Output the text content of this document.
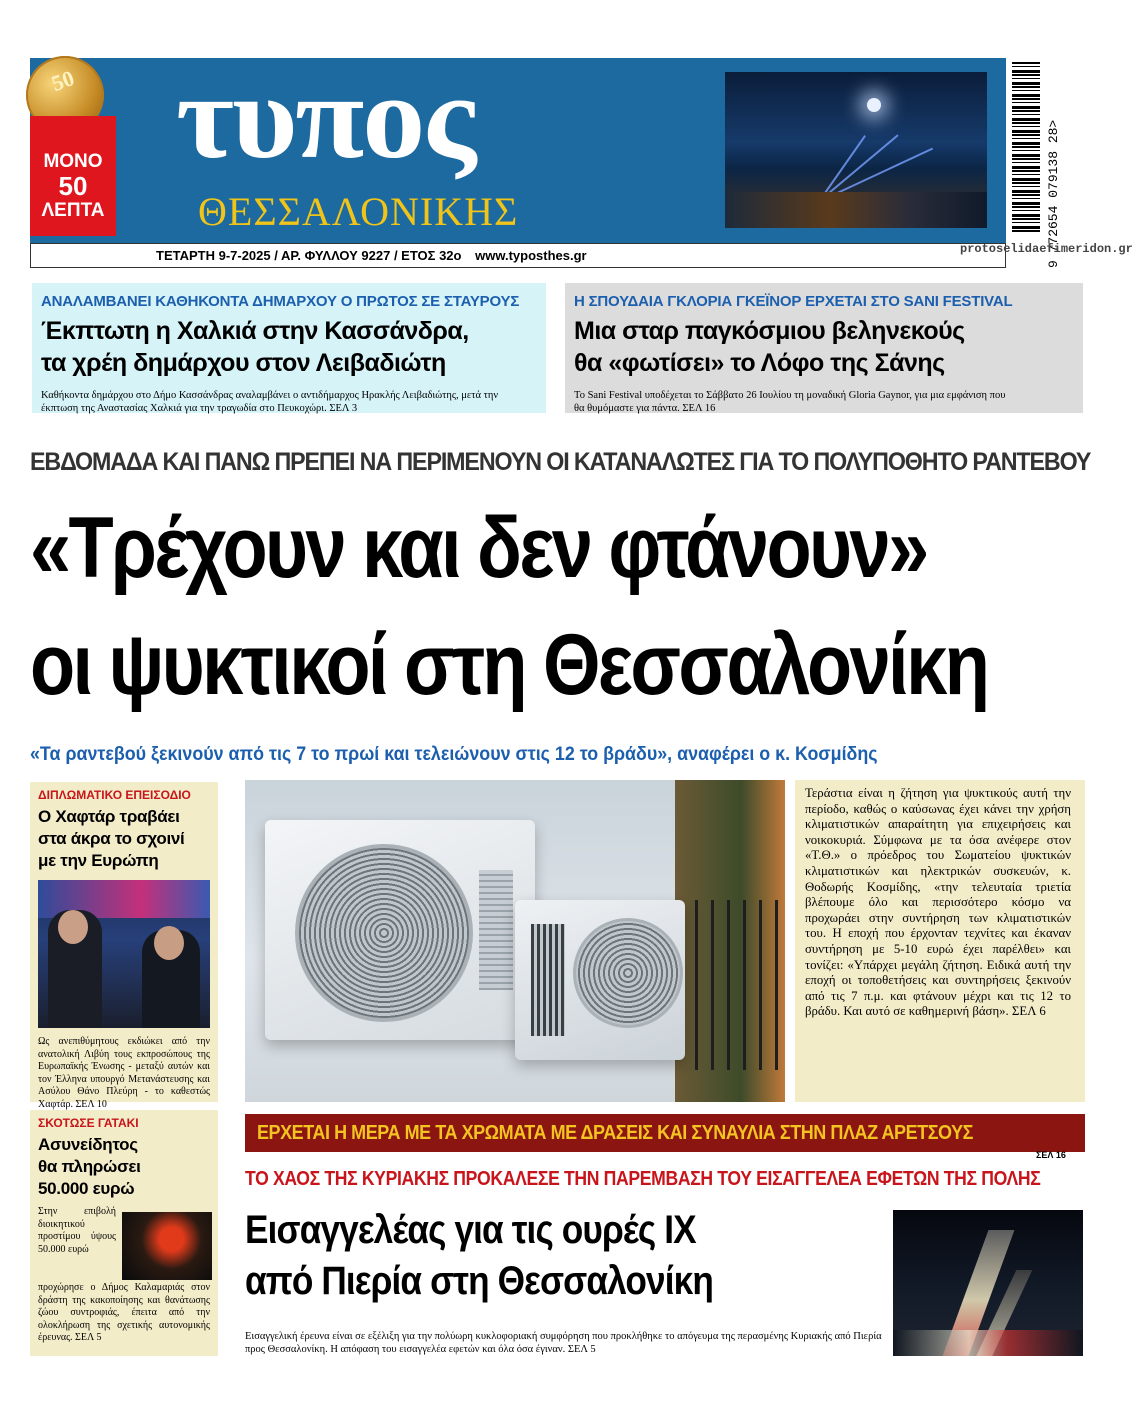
τυπος
ΘΕΣΣΑΛΟΝΙΚΗΣ
ΤΕΤΑΡΤΗ 9-7-2025 / ΑΡ. ΦΥΛΛΟΥ 9227 / ΕΤΟΣ 32ο www.typosthes.gr
50
ΜΟΝΟ
50
ΛΕΠΤΑ	9 772654 079138 28>
protoselidaefimeridon.gr
ΑΝΑΛΑΜΒΑΝΕΙ ΚΑΘΗΚΟΝΤΑ ΔΗΜΑΡΧΟΥ Ο ΠΡΩΤΟΣ ΣΕ ΣΤΑΥΡΟΥΣ
Έκπτωτη η Χαλκιά στην Κασσάνδρα,
τα χρέη δημάρχου στον Λειβαδιώτη
Καθήκοντα δημάρχου στο Δήμο Κασσάνδρας αναλαμβάνει ο αντιδήμαρχος Ηρακλής Λειβαδιώτης, μετά την έκπτωση της Αναστασίας Χαλκιά για την τραγωδία στο Πευκοχώρι. ΣΕΛ 3
Η ΣΠΟΥΔΑΙΑ ΓΚΛΟΡΙΑ ΓΚΕΪΝΟΡ ΕΡΧΕΤΑΙ ΣΤΟ SANI FESTIVAL
Μια σταρ παγκόσμιου βεληνεκούς
θα «φωτίσει» το Λόφο της Σάνης
Το Sani Festival υποδέχεται το Σάββατο 26 Ιουλίου τη μοναδική Gloria Gaynor, για μια εμφάνιση που θα θυμόμαστε για πάντα. ΣΕΛ 16
ΕΒΔΟΜΑΔΑ ΚΑΙ ΠΑΝΩ ΠΡΕΠΕΙ ΝΑ ΠΕΡΙΜΕΝΟΥΝ ΟΙ ΚΑΤΑΝΑΛΩΤΕΣ ΓΙΑ ΤΟ ΠΟΛΥΠΟΘΗΤΟ ΡΑΝΤΕΒΟΥ
«Τρέχουν και δεν φτάνουν»
οι ψυκτικοί στη Θεσσαλονίκη
«Τα ραντεβού ξεκινούν από τις 7 το πρωί και τελειώνουν στις 12 το βράδυ», αναφέρει ο κ. Κοσμίδης
ΔΙΠΛΩΜΑΤΙΚΟ ΕΠΕΙΣΟΔΙΟ
Ο Χαφτάρ τραβάει
στα άκρα το σχοινί
με την Ευρώπη
Ως ανεπιθύμητους εκδιώκει από την ανατολική Λιβύη τους εκπροσώπους της Ευρωπαϊκής Ένωσης - μεταξύ αυτών και τον Έλληνα υπουργό Μετανάστευσης και Ασύλου Θάνο Πλεύρη - το καθεστώς Χαφτάρ. ΣΕΛ 10
ΣΚΟΤΩΣΕ ΓΑΤΑΚΙ
Ασυνείδητος
θα πληρώσει
50.000 ευρώ
Στην επιβολή διοικητικού προστίμου ύψους 50.000 ευρώ
προχώρησε ο Δήμος Καλαμαριάς στον δράστη της κακοποίησης και θανάτωσης ζώου συντροφιάς, έπειτα από την ολοκλήρωση της σχετικής αυτονομικής έρευνας. ΣΕΛ 5
Τεράστια είναι η ζήτηση για ψυκτικούς αυτή την περίοδο, καθώς ο καύσωνας έχει κάνει την χρήση κλιματιστικών απαραίτητη για επιχειρήσεις και νοικοκυριά. Σύμφωνα με τα όσα ανέφερε στον «Τ.Θ.» ο πρόεδρος του Σωματείου ψυκτικών κλιματιστικών και ηλεκτρικών συσκευών, κ. Θοδωρής Κοσμίδης, «την τελευταία τριετία βλέπουμε όλο και περισσότερο κόσμο να προχωράει στην συντήρηση των κλιματιστικών του. Η εποχή που έρχονταν τεχνίτες και έκαναν συντήρηση με 5-10 ευρώ έχει παρέλθει» και τονίζει: «Υπάρχει μεγάλη ζήτηση. Ειδικά αυτή την εποχή οι τοποθετήσεις και συντηρήσεις ξεκινούν από τις 7 π.μ. και φτάνουν μέχρι και τις 12 το βράδυ. Και αυτό σε καθημερινή βάση». ΣΕΛ 6
ΕΡΧΕΤΑΙ Η ΜΕΡΑ ΜΕ ΤΑ ΧΡΩΜΑΤΑ ΜΕ ΔΡΑΣΕΙΣ ΚΑΙ ΣΥΝΑΥΛΙΑ ΣΤΗΝ ΠΛΑΖ ΑΡΕΤΣΟΥΣ
ΣΕΛ 16
ΤΟ ΧΑΟΣ ΤΗΣ ΚΥΡΙΑΚΗΣ ΠΡΟΚΑΛΕΣΕ ΤΗΝ ΠΑΡΕΜΒΑΣΗ ΤΟΥ ΕΙΣΑΓΓΕΛΕΑ ΕΦΕΤΩΝ ΤΗΣ ΠΟΛΗΣ
Εισαγγελέας για τις ουρές ΙΧ
από Πιερία στη Θεσσαλονίκη
Εισαγγελική έρευνα είναι σε εξέλιξη για την πολύωρη κυκλοφοριακή συμφόρηση που προκλήθηκε το απόγευμα της περασμένης Κυριακής από Πιερία προς Θεσσαλονίκη. Η απόφαση του εισαγγελέα εφετών και όλα όσα έγιναν. ΣΕΛ 5
